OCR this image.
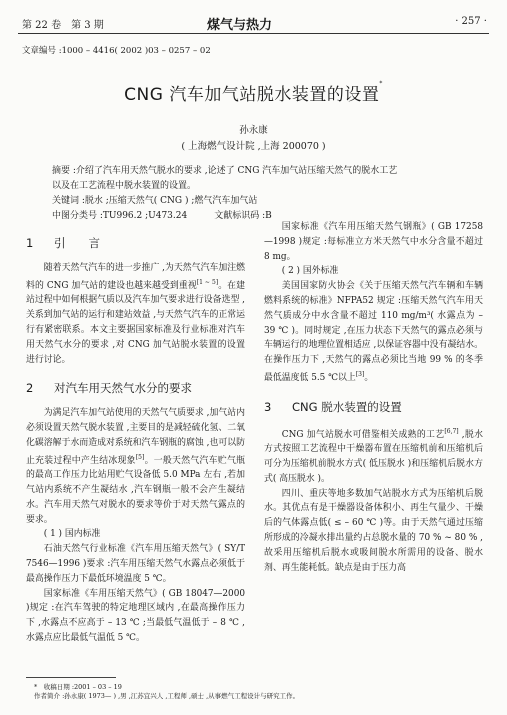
第 22 卷　第 3 期	煤气与热力	· 257 ·
文章编号 :1000 – 4416( 2002 )03 – 0257 – 02
CNG 汽车加气站脱水装置的设置*
孙永康
( 上海燃气设计院 ,上海 200070 )
摘要 :介绍了汽车用天然气脱水的要求 ,论述了 CNG 汽车加气站压缩天然气的脱水工艺
以及在工艺流程中脱水装置的设置。
关键词 :脱水 ;压缩天然气( CNG ) ;燃气汽车加气站
中图分类号 :TU996.2 ;U473.24　　　文献标识码 :B
1 引　　言

随着天然气汽车的进一步推广 ,为天然气汽车加注燃料的 CNG 加气站的建设也越来越受到重视[1 ~ 5]。在建站过程中如何根据气质以及汽车加气要求进行设备选型 ,关系到加气站的运行和建站效益 ,与天然气汽车的正常运行有紧密联系。本文主要据国家标准及行业标准对汽车用天然气水分的要求 ,对 CNG 加气站脱水装置的设置进行讨论。

2 对汽车用天然气水分的要求

为满足汽车加气站使用的天然气气质要求 ,加气站内必须设置天然气脱水装置 ,主要目的是减轻硫化氢、二氧化碳溶解于水而造成对系统和汽车钢瓶的腐蚀 ,也可以防止充装过程中产生结冰现象[5]。一般天然气汽车贮气瓶的最高工作压力比站用贮气设备低 5.0 MPa 左右 ,若加气站内系统不产生凝结水 ,汽车钢瓶一般不会产生凝结水。汽车用天然气对脱水的要求等价于对天然气露点的要求。

( 1 ) 国内标准

石油天然气行业标准《汽车用压缩天然气》( SY/T 7546—1996 )要求 :汽车用压缩天然气水露点必须低于最高操作压力下最低环境温度 5 ℃。

国家标准《车用压缩天然气》( GB 18047—2000 )规定 :在汽车驾驶的特定地理区域内 ,在最高操作压力下 ,水露点不应高于 – 13 ℃ ;当最低气温低于 – 8 ℃ ,水露点应比最低气温低 5 ℃。

国家标准《汽车用压缩天然气钢瓶》( GB 17258—1998 )规定 :每标准立方米天然气中水分含量不超过 8 mg。

( 2 ) 国外标准

美国国家防火协会《关于压缩天然气汽车辆和车辆燃料系统的标准》NFPA52 规定 :压缩天然气汽车用天然气质成分中水含量不超过 110 mg/m³( 水露点为 – 39 ℃ )。同时规定 ,在压力状态下天然气的露点必须与车辆运行的地理位置相适应 ,以保证容器中没有凝结水。在操作压力下 ,天然气的露点必须比当地 99 % 的冬季最低温度低 5.5 ℃以上[3]。

3 CNG 脱水装置的设置

CNG 加气站脱水可借鉴相关成熟的工艺[6,7] ,脱水方式按照工艺流程中干燥器布置在压缩机前和压缩机后可分为压缩机前脱水方式( 低压脱水 )和压缩机后脱水方式( 高压脱水 )。

四川、重庆等地多数加气站脱水方式为压缩机后脱水。其优点有是干燥器设备体积小、再生气量少、干燥后的气体露点低( ≤ – 60 ℃ )等。由于天然气通过压缩所形成的冷凝水排出量约占总脱水量的 70 % ~ 80 % ,故采用压缩机后脱水或吸间脱水所需用的设备、脱水剂、再生能耗低。缺点是由于压力高

*　收稿日期 :2001 – 03 – 19
作者简介 :孙永康( 1973— ) ,男 ,江苏宜兴人 ,工程师 ,硕士 ,从事燃气工程设计与研究工作。
